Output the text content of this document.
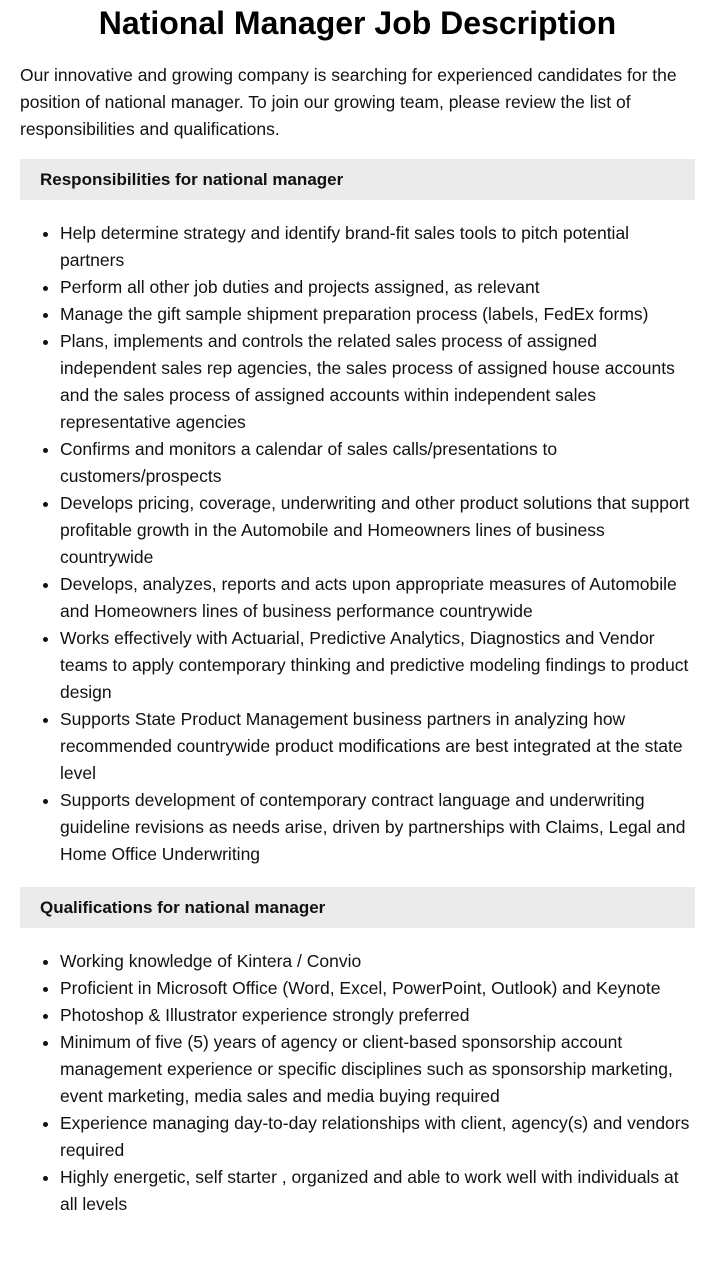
National Manager Job Description

Our innovative and growing company is searching for experienced candidates for the position of national manager. To join our growing team, please review the list of responsibilities and qualifications.

Responsibilities for national manager
• Help determine strategy and identify brand-fit sales tools to pitch potential partners
• Perform all other job duties and projects assigned, as relevant
• Manage the gift sample shipment preparation process (labels, FedEx forms)
• Plans, implements and controls the related sales process of assigned independent sales rep agencies, the sales process of assigned house accounts and the sales process of assigned accounts within independent sales representative agencies
• Confirms and monitors a calendar of sales calls/presentations to customers/prospects
• Develops pricing, coverage, underwriting and other product solutions that support profitable growth in the Automobile and Homeowners lines of business countrywide
• Develops, analyzes, reports and acts upon appropriate measures of Automobile and Homeowners lines of business performance countrywide
• Works effectively with Actuarial, Predictive Analytics, Diagnostics and Vendor teams to apply contemporary thinking and predictive modeling findings to product design
• Supports State Product Management business partners in analyzing how recommended countrywide product modifications are best integrated at the state level
• Supports development of contemporary contract language and underwriting guideline revisions as needs arise, driven by partnerships with Claims, Legal and Home Office Underwriting
Qualifications for national manager
• Working knowledge of Kintera / Convio
• Proficient in Microsoft Office (Word, Excel, PowerPoint, Outlook) and Keynote
• Photoshop & Illustrator experience strongly preferred
• Minimum of five (5) years of agency or client-based sponsorship account management experience or specific disciplines such as sponsorship marketing, event marketing, media sales and media buying required
• Experience managing day-to-day relationships with client, agency(s) and vendors required
• Highly energetic, self starter , organized and able to work well with individuals at all levels
